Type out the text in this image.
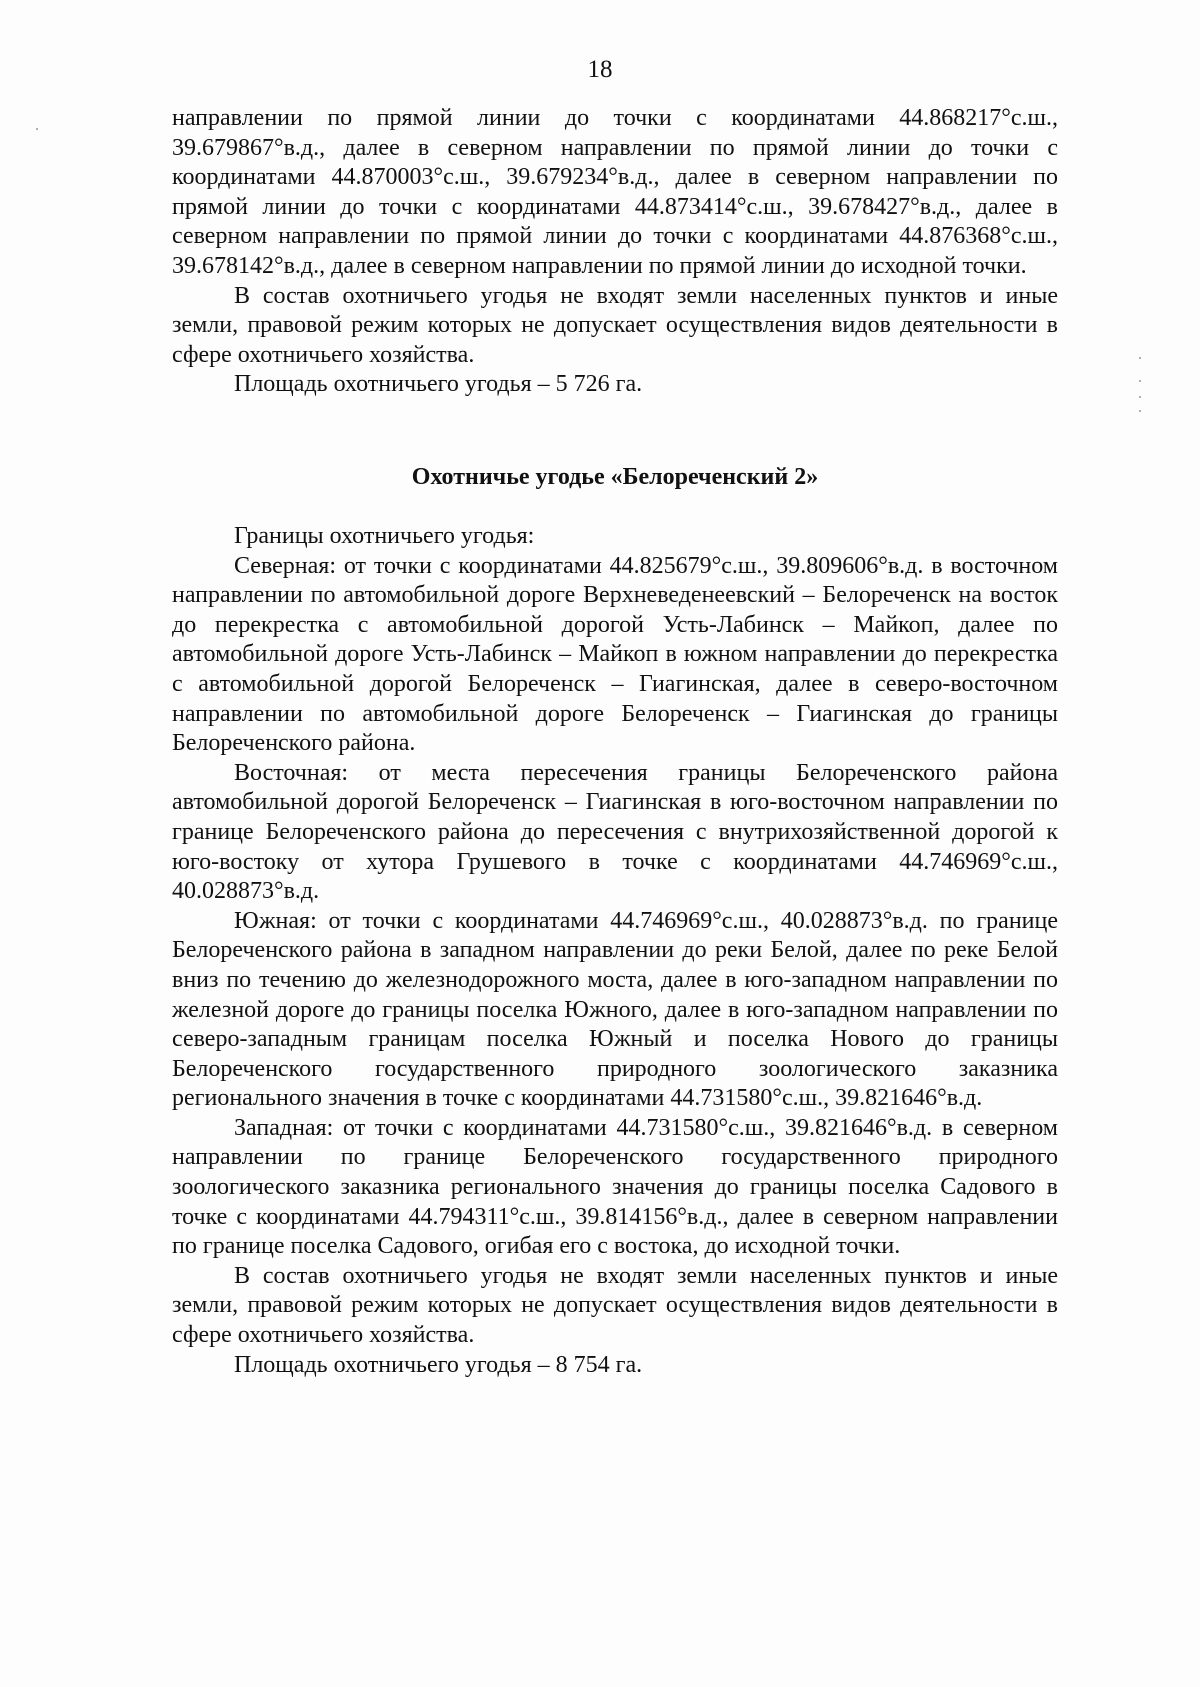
18

направлении по прямой линии до точки с координатами 44.868217°с.ш., 39.679867°в.д., далее в северном направлении по прямой линии до точки с координатами 44.870003°с.ш., 39.679234°в.д., далее в северном направлении по прямой линии до точки с координатами 44.873414°с.ш., 39.678427°в.д., далее в северном направлении по прямой линии до точки с координатами 44.876368°с.ш., 39.678142°в.д., далее в северном направлении по прямой линии до исходной точки.

В состав охотничьего угодья не входят земли населенных пунктов и иные земли, правовой режим которых не допускает осуществления видов деятельности в сфере охотничьего хозяйства.

Площадь охотничьего угодья – 5 726 га.

Охотничье угодье «Белореченский 2»

Границы охотничьего угодья:

Северная: от точки с координатами 44.825679°с.ш., 39.809606°в.д. в восточном направлении по автомобильной дороге Верхневеденеевский – Белореченск на восток до перекрестка с автомобильной дорогой Усть-Лабинск – Майкоп, далее по автомобильной дороге Усть-Лабинск – Майкоп в южном направлении до перекрестка с автомобильной дорогой Белореченск – Гиагинская, далее в северо-восточном направлении по автомобильной дороге Белореченск – Гиагинская до границы Белореченского района.

Восточная: от места пересечения границы Белореченского района автомобильной дорогой Белореченск – Гиагинская в юго-восточном направлении по границе Белореченского района до пересечения с внутрихозяйственной дорогой к юго-востоку от хутора Грушевого в точке с координатами 44.746969°с.ш., 40.028873°в.д.

Южная: от точки с координатами 44.746969°с.ш., 40.028873°в.д. по границе Белореченского района в западном направлении до реки Белой, далее по реке Белой вниз по течению до железнодорожного моста, далее в юго-западном направлении по железной дороге до границы поселка Южного, далее в юго-западном направлении по северо-западным границам поселка Южный и поселка Нового до границы Белореченского государственного природного зоологического заказника регионального значения в точке с координатами 44.731580°с.ш., 39.821646°в.д.

Западная: от точки с координатами 44.731580°с.ш., 39.821646°в.д. в северном направлении по границе Белореченского государственного природного зоологического заказника регионального значения до границы поселка Садового в точке с координатами 44.794311°с.ш., 39.814156°в.д., далее в северном направлении по границе поселка Садового, огибая его с востока, до исходной точки.

В состав охотничьего угодья не входят земли населенных пунктов и иные земли, правовой режим которых не допускает осуществления видов деятельности в сфере охотничьего хозяйства.

Площадь охотничьего угодья – 8 754 га.
